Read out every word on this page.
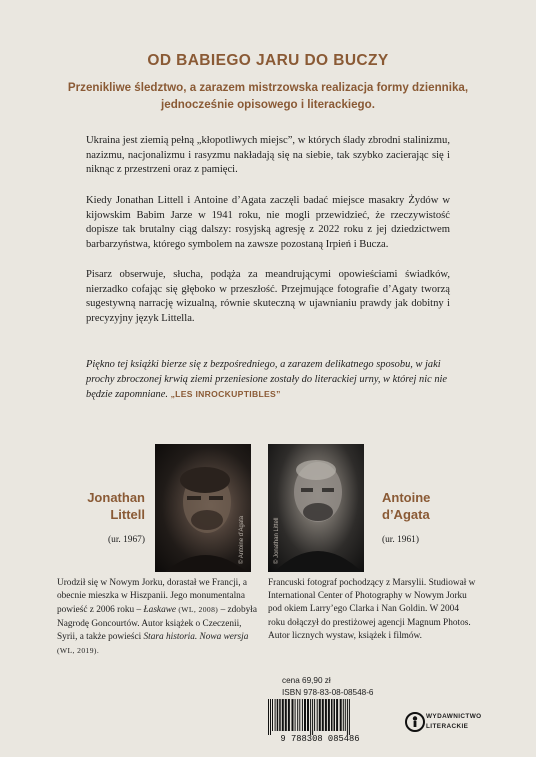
OD BABIEGO JARU DO BUCZY
Przenikliwe śledztwo, a zarazem mistrzowska realizacja formy dziennika, jednocześnie opisowego i literackiego.
Ukraina jest ziemią pełną „kłopotliwych miejsc”, w których ślady zbrodni stalinizmu, nazizmu, nacjonalizmu i rasyzmu nakładają się na siebie, tak szybko zacierając się i niknąc z przestrzeni oraz z pamięci.
Kiedy Jonathan Littell i Antoine d’Agata zaczęli badać miejsce masakry Żydów w kijowskim Babim Jarze w 1941 roku, nie mogli przewidzieć, że rzeczywistość dopisze tak brutalny ciąg dalszy: rosyjską agresję z 2022 roku z jej dziedzictwem barbarzyństwa, którego symbolem na zawsze pozostaną Irpień i Bucza.
Pisarz obserwuje, słucha, podąża za meandrującymi opowieściami świadków, nierzadko cofając się głęboko w przeszłość. Przejmujące fotografie d’Agaty tworzą sugestywną narrację wizualną, równie skuteczną w ujawnianiu prawdy jak dobitny i precyzyjny język Littella.
Piękno tej książki bierze się z bezpośredniego, a zarazem delikatnego sposobu, w jaki prochy zbroczonej krwią ziemi przeniesione zostały do literackiej urny, w której nic nie będzie zapomniane. „LES INROCKUPTIBLES”
© Antoine d’Agata	© Jonathan Littell
Jonathan
Littell
(ur. 1967)
Antoine
d’Agata
(ur. 1961)
Urodził się w Nowym Jorku, dorastał we Francji, a obecnie mieszka w Hiszpanii. Jego monumentalna powieść z 2006 roku – Łaskawe (WL, 2008) – zdobyła Nagrodę Goncourtów. Autor książek o Czeczenii, Syrii, a także powieści Stara historia. Nowa wersja (WL, 2019).
Francuski fotograf pochodzący z Marsylii. Studiował w International Center of Photography w Nowym Jorku pod okiem Larry’ego Clarka i Nan Goldin. W 2004 roku dołączył do prestiżowej agencji Magnum Photos. Autor licznych wystaw, książek i filmów.
cena 69,90 zł
ISBN 978-83-08-08548-6
9 788308 085486
WYDAWNICTWO
LITERACKIE
